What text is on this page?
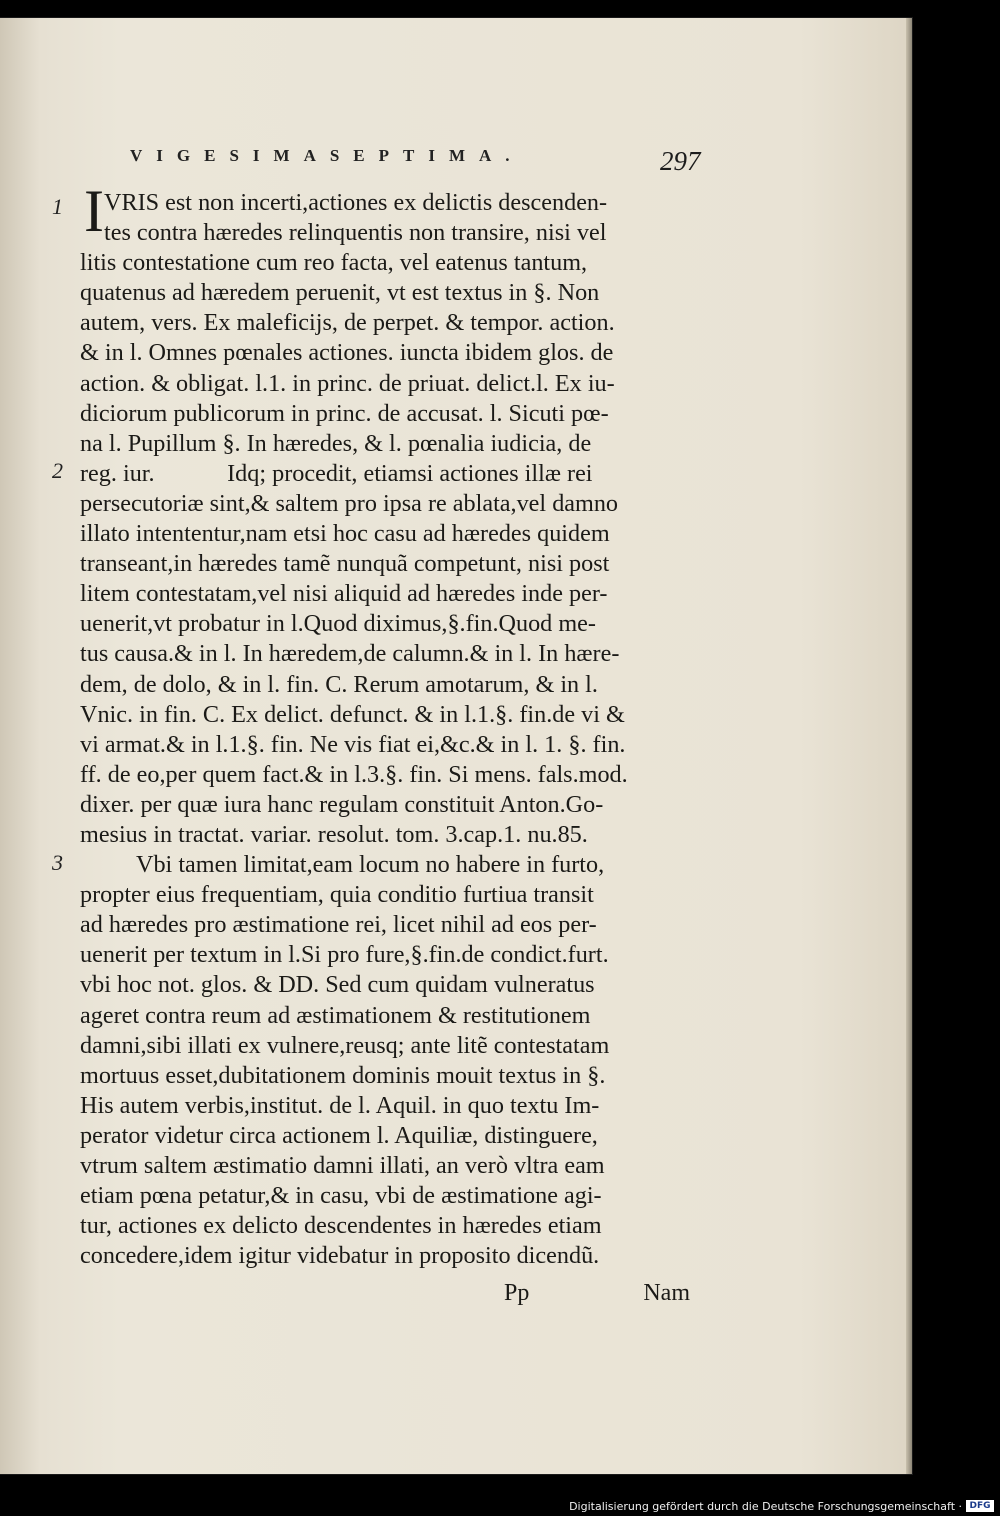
VIGESIMASEPTIMA.	297
1
2
3
I VRIS est non incerti,actiones ex delictis descenden-
tes contra hæredes relinquentis non transire, nisi vel
litis contestatione cum reo facta, vel eatenus tantum,
quatenus ad hæredem peruenit, vt est textus in §. Non
autem, vers. Ex maleficijs, de perpet. & tempor. action.
& in l. Omnes pœnales actiones. iuncta ibidem glos. de
action. & obligat. l.1. in princ. de priuat. delict.l. Ex iu-
diciorum publicorum in princ. de accusat. l. Sicuti pœ-
na l. Pupillum §. In hæredes, & l. pœnalia iudicia, de
reg. iur.            Idq; procedit, etiamsi actiones illæ rei
persecutoriæ sint,& saltem pro ipsa re ablata,vel damno
illato intententur,nam etsi hoc casu ad hæredes quidem
transeant,in hæredes tamẽ nunquã competunt, nisi post
litem contestatam,vel nisi aliquid ad hæredes inde per-
uenerit,vt probatur in l.Quod diximus,§.fin.Quod me-
tus causa.& in l. In hæredem,de calumn.& in l. In hære-
dem, de dolo, & in l. fin. C. Rerum amotarum, & in l.
Vnic. in fin. C. Ex delict. defunct. & in l.1.§. fin.de vi &
vi armat.& in l.1.§. fin. Ne vis fiat ei,&c.& in l. 1. §. fin.
ff. de eo,per quem fact.& in l.3.§. fin. Si mens. fals.mod.
dixer. per quæ iura hanc regulam constituit Anton.Go-
mesius in tractat. variar. resolut. tom. 3.cap.1. nu.85.
Vbi tamen limitat,eam locum no habere in furto,
propter eius frequentiam, quia conditio furtiua transit
ad hæredes pro æstimatione rei, licet nihil ad eos per-
uenerit per textum in l.Si pro fure,§.fin.de condict.furt.
vbi hoc not. glos. & DD. Sed cum quidam vulneratus
ageret contra reum ad æstimationem & restitutionem
damni,sibi illati ex vulnere,reusq; ante litẽ contestatam
mortuus esset,dubitationem dominis mouit textus in §.
His autem verbis,institut. de l. Aquil. in quo textu Im-
perator videtur circa actionem l. Aquiliæ, distinguere,
vtrum saltem æstimatio damni illati, an verò vltra eam
etiam pœna petatur,& in casu, vbi de æstimatione agi-
tur, actiones ex delicto descendentes in hæredes etiam
concedere,idem igitur videbatur in proposito dicendũ.
Pp	Nam
Digitalisierung gefördert durch die Deutsche Forschungsgemeinschaft · DFG
